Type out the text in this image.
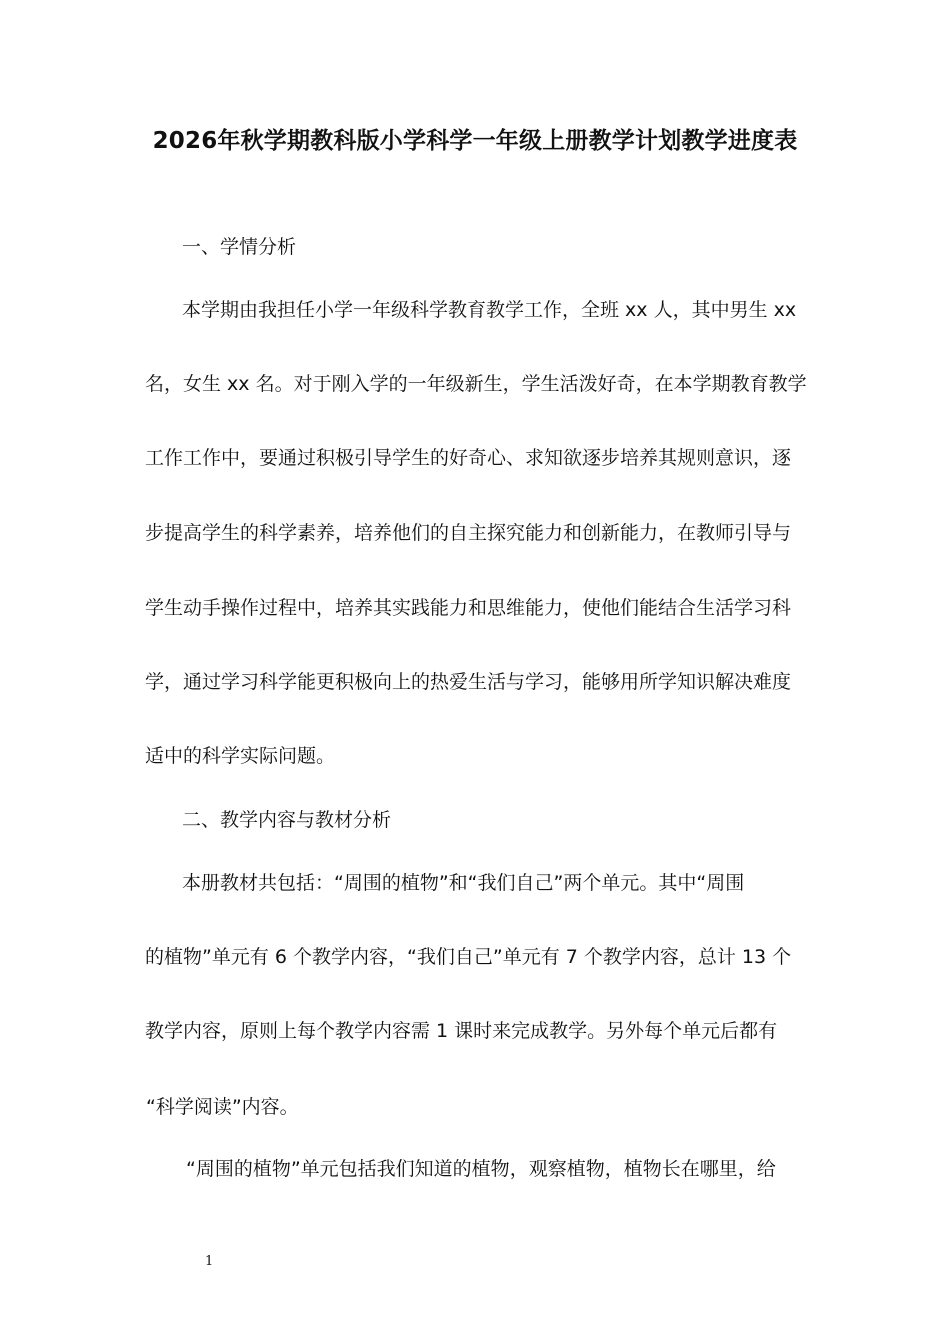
2026年秋学期教科版小学科学一年级上册教学计划教学进度表
一、学情分析
本学期由我担任小学一年级科学教育教学工作，全班 xx 人，其中男生 xx
名，女生 xx 名。对于刚入学的一年级新生，学生活泼好奇，在本学期教育教学
工作工作中，要通过积极引导学生的好奇心、求知欲逐步培养其规则意识，逐
步提高学生的科学素养，培养他们的自主探究能力和创新能力，在教师引导与
学生动手操作过程中，培养其实践能力和思维能力，使他们能结合生活学习科
学，通过学习科学能更积极向上的热爱生活与学习，能够用所学知识解决难度
适中的科学实际问题。
二、教学内容与教材分析
本册教材共包括：“周围的植物”和“我们自己”两个单元。其中“周围
的植物”单元有 6 个教学内容，“我们自己”单元有 7 个教学内容，总计 13 个
教学内容，原则上每个教学内容需 1 课时来完成教学。另外每个单元后都有
“科学阅读”内容。
“周围的植物”单元包括我们知道的植物，观察植物，植物长在哪里，给
1
